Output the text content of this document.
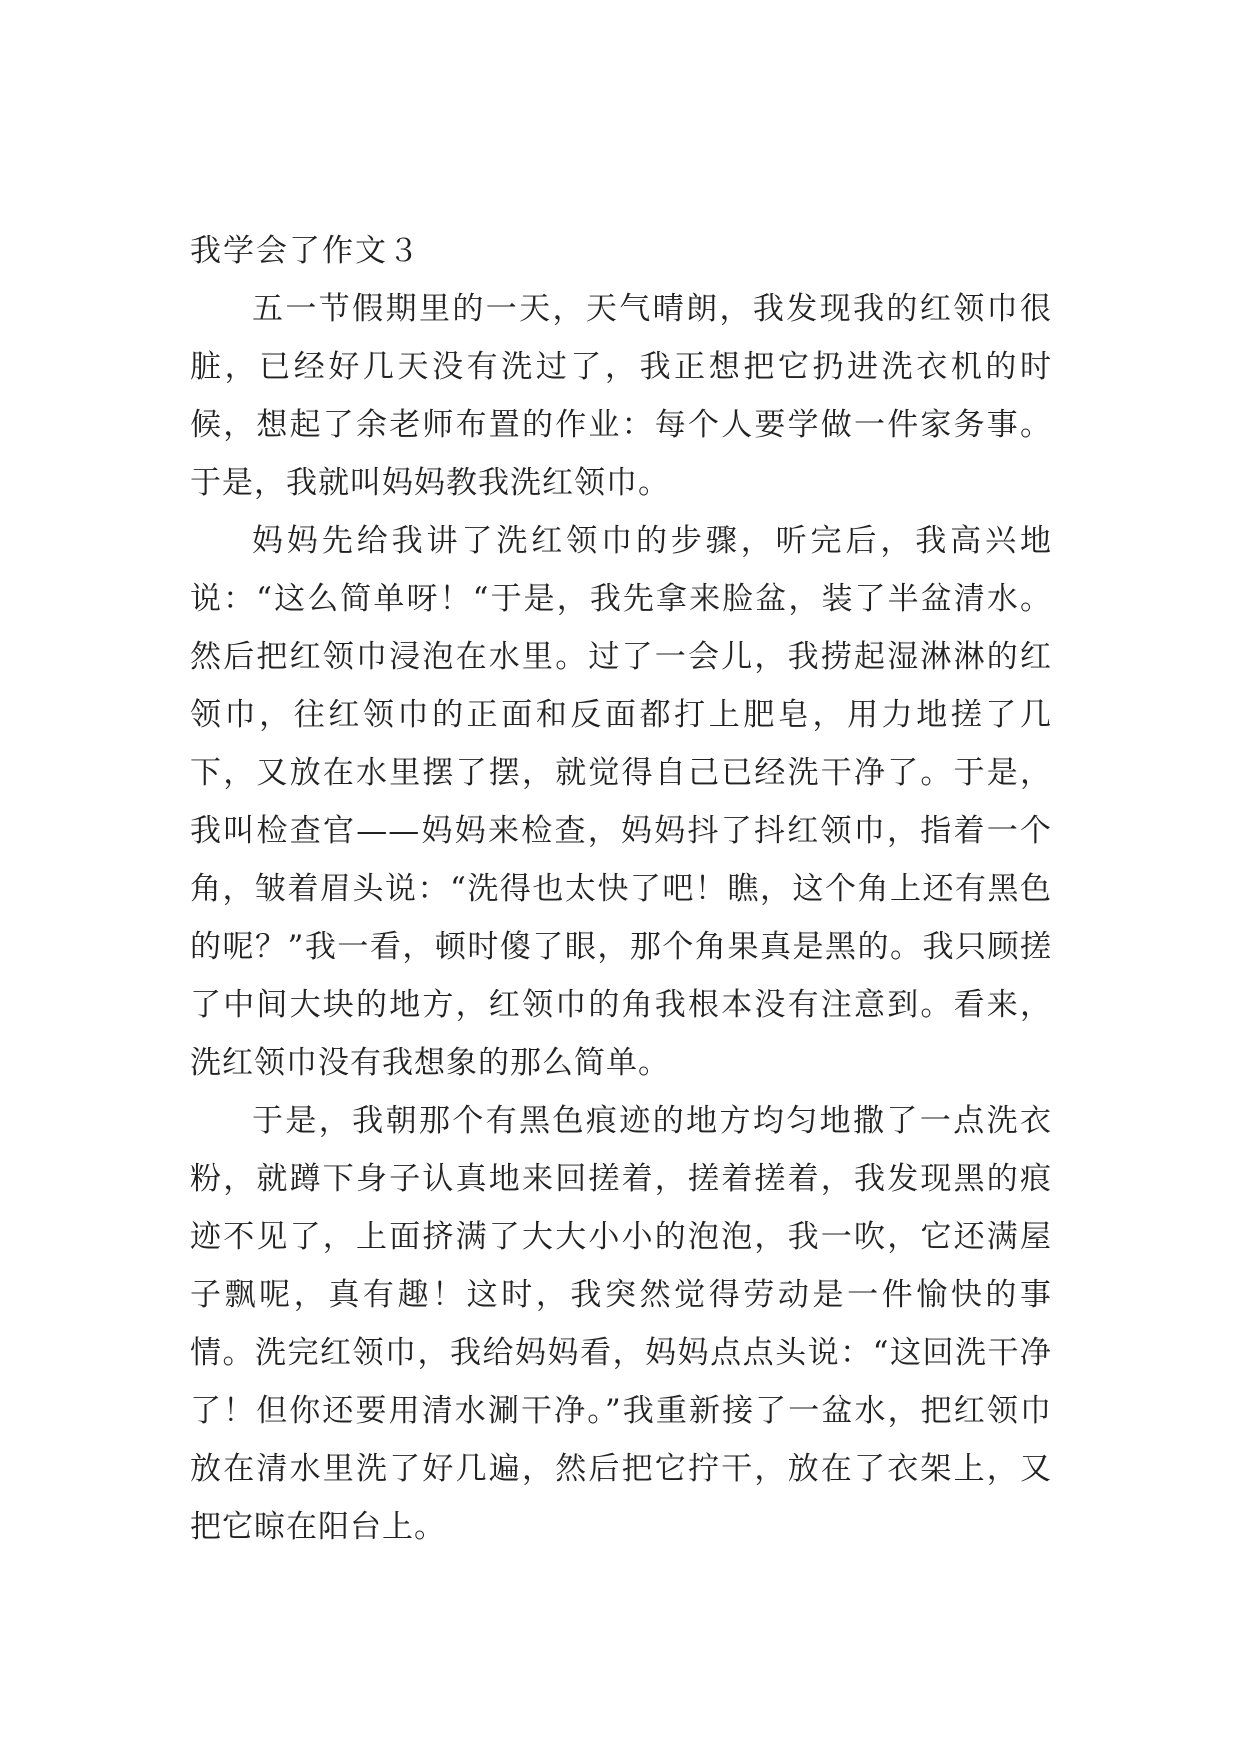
我学会了作文３

五一节假期里的一天，天气晴朗，我发现我的红领巾很脏，已经好几天没有洗过了，我正想把它扔进洗衣机的时候，想起了余老师布置的作业：每个人要学做一件家务事。于是，我就叫妈妈教我洗红领巾。

妈妈先给我讲了洗红领巾的步骤，听完后，我高兴地说：“这么简单呀！“于是，我先拿来脸盆，装了半盆清水。然后把红领巾浸泡在水里。过了一会儿，我捞起湿淋淋的红领巾，往红领巾的正面和反面都打上肥皂，用力地搓了几下，又放在水里摆了摆，就觉得自己已经洗干净了。于是，我叫检查官——妈妈来检查，妈妈抖了抖红领巾，指着一个角，皱着眉头说：“洗得也太快了吧！瞧，这个角上还有黑色的呢？”我一看，顿时傻了眼，那个角果真是黑的。我只顾搓了中间大块的地方，红领巾的角我根本没有注意到。看来，洗红领巾没有我想象的那么简单。

于是，我朝那个有黑色痕迹的地方均匀地撒了一点洗衣粉，就蹲下身子认真地来回搓着，搓着搓着，我发现黑的痕迹不见了，上面挤满了大大小小的泡泡，我一吹，它还满屋子飘呢，真有趣！这时，我突然觉得劳动是一件愉快的事情。洗完红领巾，我给妈妈看，妈妈点点头说：“这回洗干净了！但你还要用清水涮干净。”我重新接了一盆水，把红领巾放在清水里洗了好几遍，然后把它拧干，放在了衣架上，又把它晾在阳台上。
